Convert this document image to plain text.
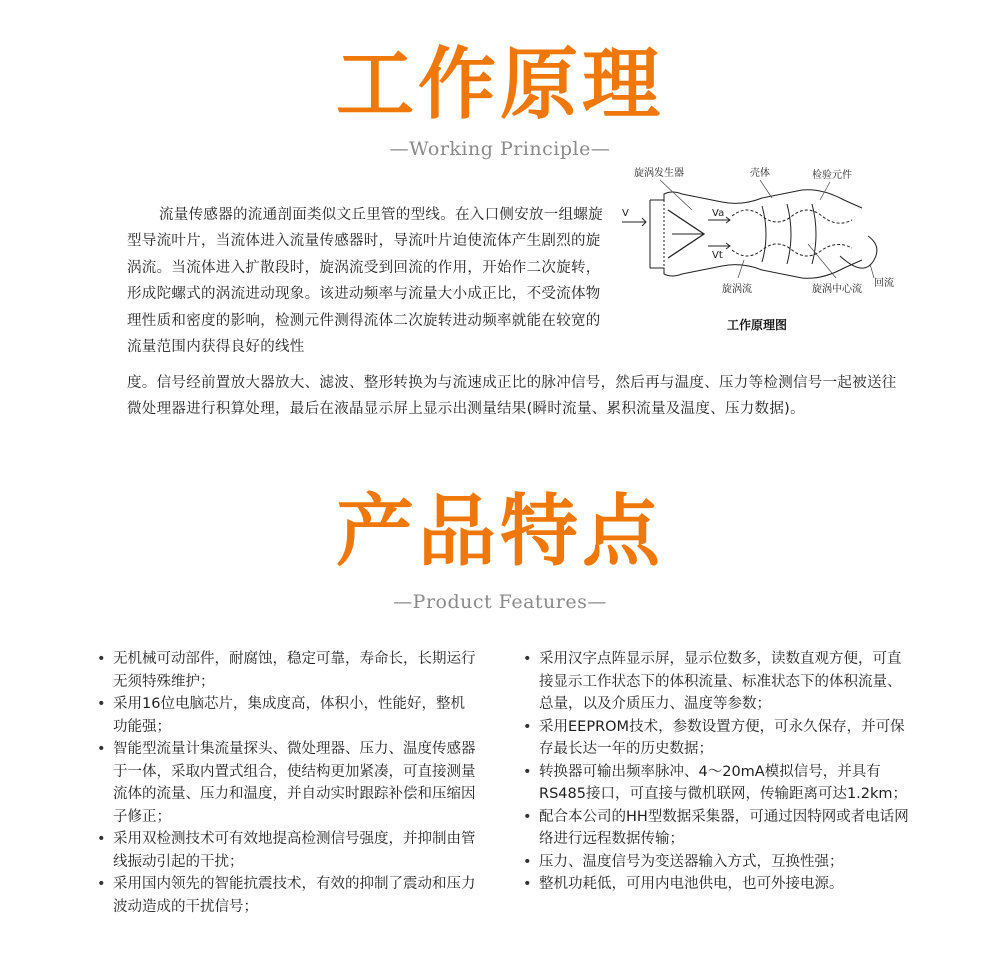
工作原理
—Working Principle—
流量传感器的流通剖面类似文丘里管的型线。在入口侧安放一组螺旋型导流叶片，当流体进入流量传感器时，导流叶片迫使流体产生剧烈的旋涡流。当流体进入扩散段时，旋涡流受到回流的作用，开始作二次旋转，形成陀螺式的涡流进动现象。该进动频率与流量大小成正比，不受流体物理性质和密度的影响，检测元件测得流体二次旋转进动频率就能在较宽的流量范围内获得良好的线性
旋涡发生器	壳体	检验元件
V	Va
Vt
旋涡流	旋涡中心流
回流
工作原理图
度。信号经前置放大器放大、滤波、整形转换为与流速成正比的脉冲信号，然后再与温度、压力等检测信号一起被送往微处理器进行积算处理，最后在液晶显示屏上显示出测量结果(瞬时流量、累积流量及温度、压力数据)。
产品特点
—Product Features—
• 无机械可动部件，耐腐蚀，稳定可靠，寿命长，长期运行无须特殊维护；
• 采用16位电脑芯片，集成度高，体积小，性能好，整机功能强；
• 智能型流量计集流量探头、微处理器、压力、温度传感器于一体，采取内置式组合，使结构更加紧凑，可直接测量流体的流量、压力和温度，并自动实时跟踪补偿和压缩因子修正；
• 采用双检测技术可有效地提高检测信号强度，并抑制由管线振动引起的干扰；
• 采用国内领先的智能抗震技术，有效的抑制了震动和压力波动造成的干扰信号；
• 采用汉字点阵显示屏，显示位数多，读数直观方便，可直接显示工作状态下的体积流量、标准状态下的体积流量、总量，以及介质压力、温度等参数；
• 采用EEPROM技术，参数设置方便，可永久保存，并可保存最长达一年的历史数据；
• 转换器可输出频率脉冲、4～20mA模拟信号，并具有RS485接口，可直接与微机联网，传输距离可达1.2km；
• 配合本公司的HH型数据采集器，可通过因特网或者电话网络进行远程数据传输；
• 压力、温度信号为变送器输入方式，互换性强；
• 整机功耗低，可用内电池供电，也可外接电源。
